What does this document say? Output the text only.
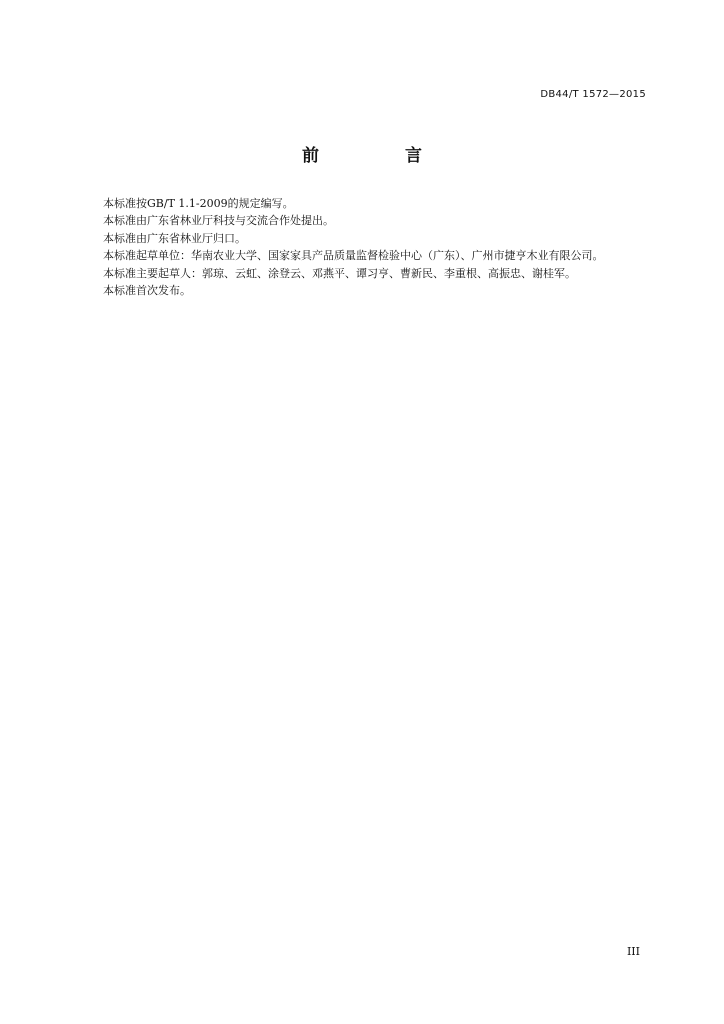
DB44/T 1572—2015
前 言

本标准按GB/T 1.1-2009的规定编写。

本标准由广东省林业厅科技与交流合作处提出。

本标准由广东省林业厅归口。

本标准起草单位：华南农业大学、国家家具产品质量监督检验中心（广东）、广州市捷亨木业有限公司。

本标准主要起草人：郭琼、云虹、涂登云、邓燕平、谭习亨、曹新民、李重根、高振忠、谢桂军。

本标准首次发布。

III
